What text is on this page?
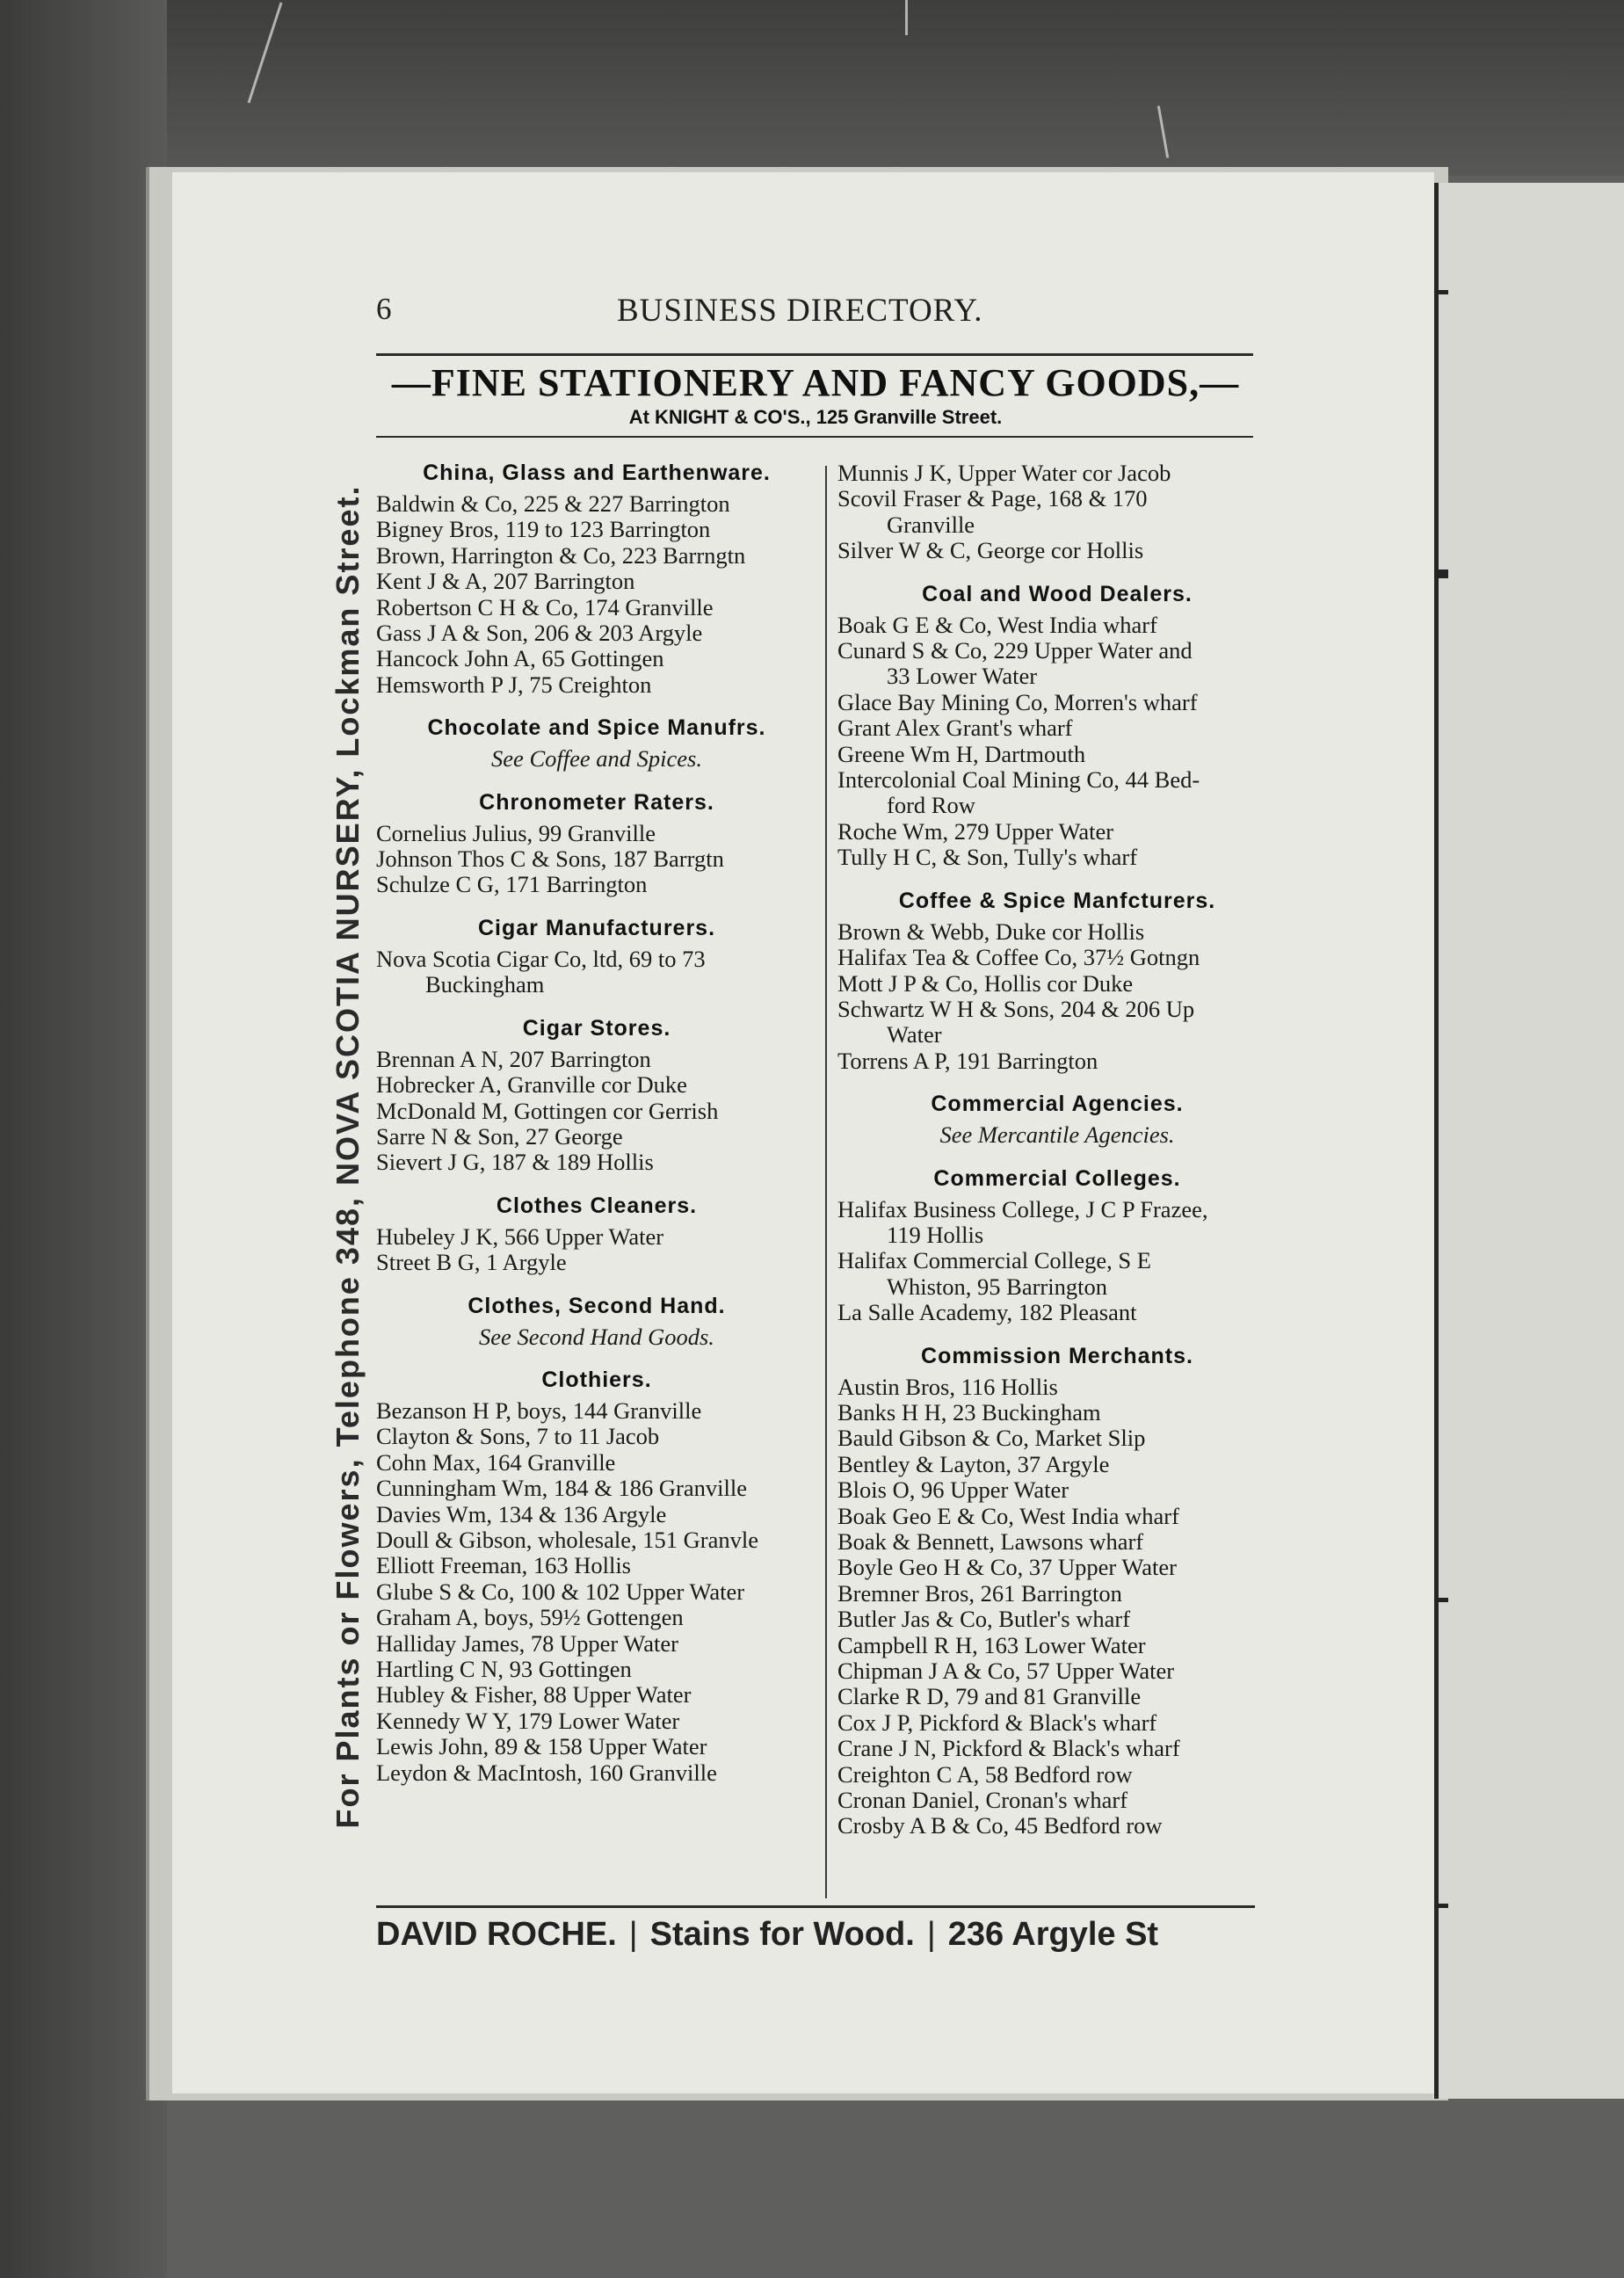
6	BUSINESS DIRECTORY.
—FINE STATIONERY AND FANCY GOODS,—
At KNIGHT & CO'S., 125 Granville Street.
For Plants or Flowers, Telephone 348, NOVA SCOTIA NURSERY, Lockman Street.
China, Glass and Earthenware.
Baldwin & Co, 225 & 227 Barrington
Bigney Bros, 119 to 123 Barrington
Brown, Harrington & Co, 223 Barrngtn
Kent J & A, 207 Barrington
Robertson C H & Co, 174 Granville
Gass J A & Son, 206 & 203 Argyle
Hancock John A, 65 Gottingen
Hemsworth P J, 75 Creighton
Chocolate and Spice Manufrs.
See Coffee and Spices.
Chronometer Raters.
Cornelius Julius, 99 Granville
Johnson Thos C & Sons, 187 Barrgtn
Schulze C G, 171 Barrington
Cigar Manufacturers.
Nova Scotia Cigar Co, ltd, 69 to 73
Buckingham
Cigar Stores.
Brennan A N, 207 Barrington
Hobrecker A, Granville cor Duke
McDonald M, Gottingen cor Gerrish
Sarre N & Son, 27 George
Sievert J G, 187 & 189 Hollis
Clothes Cleaners.
Hubeley J K, 566 Upper Water
Street B G, 1 Argyle
Clothes, Second Hand.
See Second Hand Goods.
Clothiers.
Bezanson H P, boys, 144 Granville
Clayton & Sons, 7 to 11 Jacob
Cohn Max, 164 Granville
Cunningham Wm, 184 & 186 Granville
Davies Wm, 134 & 136 Argyle
Doull & Gibson, wholesale, 151 Granvle
Elliott Freeman, 163 Hollis
Glube S & Co, 100 & 102 Upper Water
Graham A, boys, 59½ Gottengen
Halliday James, 78 Upper Water
Hartling C N, 93 Gottingen
Hubley & Fisher, 88 Upper Water
Kennedy W Y, 179 Lower Water
Lewis John, 89 & 158 Upper Water
Leydon & MacIntosh, 160 Granville
Munnis J K, Upper Water cor Jacob
Scovil Fraser & Page, 168 & 170
Granville
Silver W & C, George cor Hollis
Coal and Wood Dealers.
Boak G E & Co, West India wharf
Cunard S & Co, 229 Upper Water and
33 Lower Water
Glace Bay Mining Co, Morren's wharf
Grant Alex Grant's wharf
Greene Wm H, Dartmouth
Intercolonial Coal Mining Co, 44 Bed-
ford Row
Roche Wm, 279 Upper Water
Tully H C, & Son, Tully's wharf
Coffee & Spice Manfcturers.
Brown & Webb, Duke cor Hollis
Halifax Tea & Coffee Co, 37½ Gotngn
Mott J P & Co, Hollis cor Duke
Schwartz W H & Sons, 204 & 206 Up
Water
Torrens A P, 191 Barrington
Commercial Agencies.
See Mercantile Agencies.
Commercial Colleges.
Halifax Business College, J C P Frazee,
119 Hollis
Halifax Commercial College, S E
Whiston, 95 Barrington
La Salle Academy, 182 Pleasant
Commission Merchants.
Austin Bros, 116 Hollis
Banks H H, 23 Buckingham
Bauld Gibson & Co, Market Slip
Bentley & Layton, 37 Argyle
Blois O, 96 Upper Water
Boak Geo E & Co, West India wharf
Boak & Bennett, Lawsons wharf
Boyle Geo H & Co, 37 Upper Water
Bremner Bros, 261 Barrington
Butler Jas & Co, Butler's wharf
Campbell R H, 163 Lower Water
Chipman J A & Co, 57 Upper Water
Clarke R D, 79 and 81 Granville
Cox J P, Pickford & Black's wharf
Crane J N, Pickford & Black's wharf
Creighton C A, 58 Bedford row
Cronan Daniel, Cronan's wharf
Crosby A B & Co, 45 Bedford row
DAVID ROCHE. | Stains for Wood. | 236 Argyle St
